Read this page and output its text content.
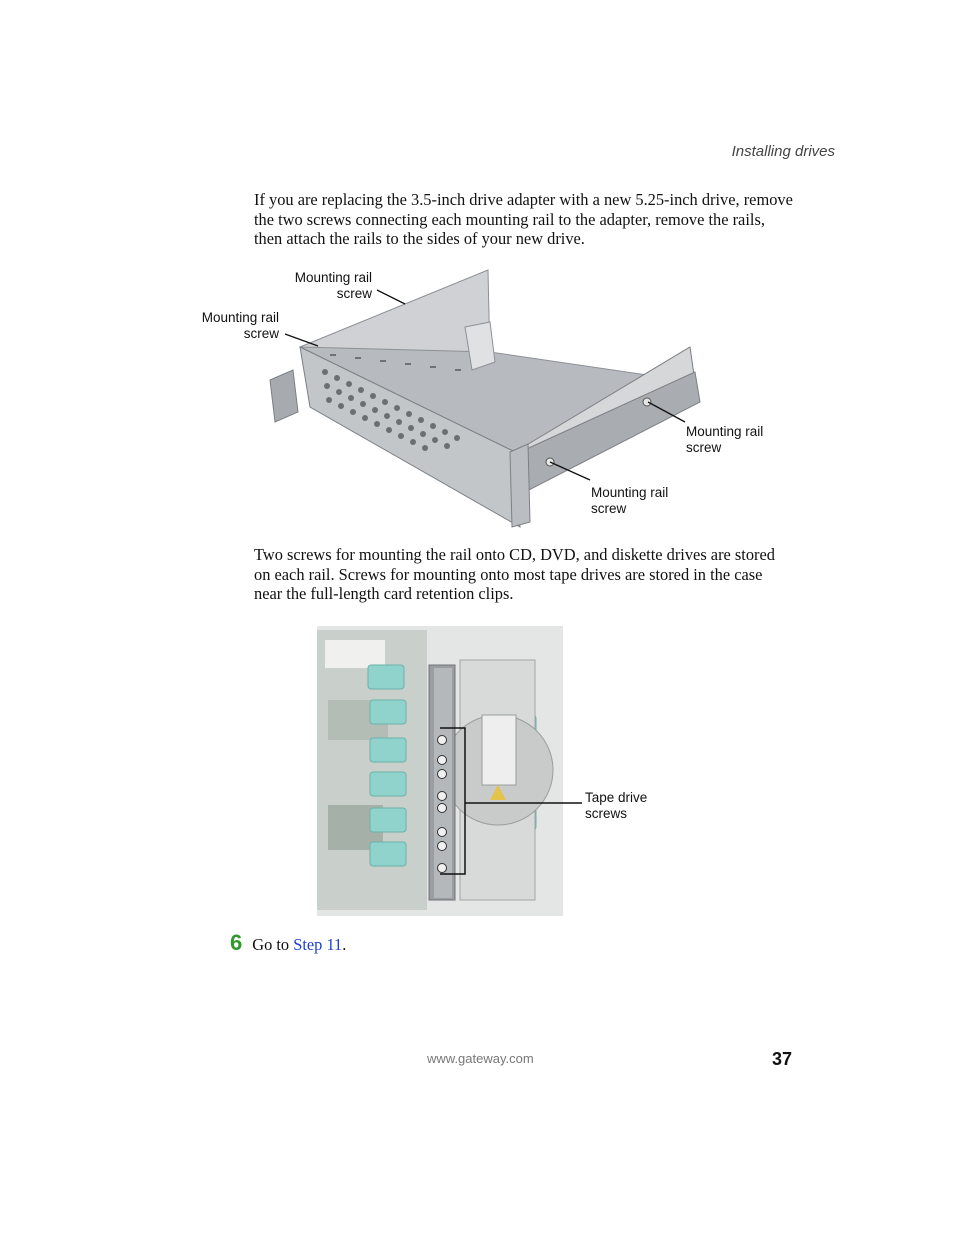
Installing drives

If you are replacing the 3.5-inch drive adapter with a new 5.25-inch drive, remove the two screws connecting each mounting rail to the adapter, remove the rails, then attach the rails to the sides of your new drive.

Mounting rail
screw
Mounting rail
screw
Mounting rail
screw
Mounting rail
screw

Two screws for mounting the rail onto CD, DVD, and diskette drives are stored on each rail. Screws for mounting onto most tape drives are stored in the case near the full-length card retention clips.

Tape drive
screws
6 Go to Step 11.
www.gateway.com	37
